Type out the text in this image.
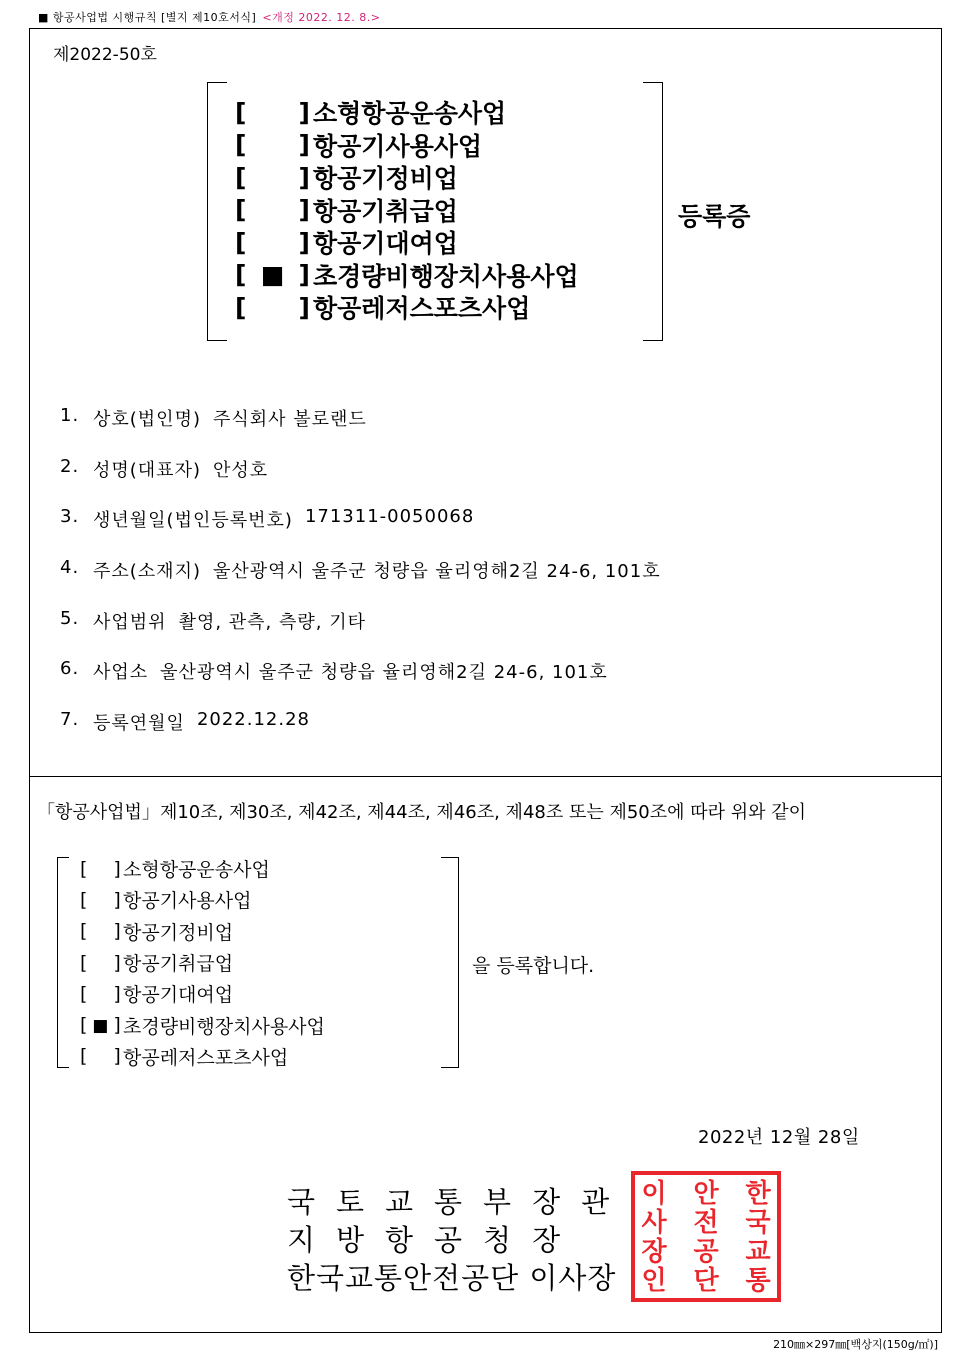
■ 항공사업법 시행규칙 [별지 제10호서식] <개정 2022. 12. 8.>
제2022-50호
[ ] 소형항공운송사업
[ ] 항공기사용사업
[ ] 항공기정비업
[ ] 항공기취급업
[ ] 항공기대여업
[ ■ ] 초경량비행장치사용사업
[ ] 항공레저스포츠사업
등록증
1. 상호(법인명) 주식회사 볼로랜드
2. 성명(대표자) 안성호
3. 생년월일(법인등록번호) 171311-0050068
4. 주소(소재지) 울산광역시 울주군 청량읍 율리영해2길 24-6, 101호
5. 사업범위 촬영, 관측, 측량, 기타
6. 사업소 울산광역시 울주군 청량읍 율리영해2길 24-6, 101호
7. 등록연월일 2022.12.28
「항공사업법」제10조, 제30조, 제42조, 제44조, 제46조, 제48조 또는 제50조에 따라 위와 같이
[ ] 소형항공운송사업
[ ] 항공기사용사업
[ ] 항공기정비업
[ ] 항공기취급업
[ ] 항공기대여업
[ ■ ] 초경량비행장치사용사업
[ ] 항공레저스포츠사업
을 등록합니다.
2022년 12월 28일
국토교통부장관
지방항공청장
한국교통안전공단 이사장
한
국
교
통
안
전
공
단
이
사
장
인
210㎜×297㎜[백상지(150g/㎡)]
